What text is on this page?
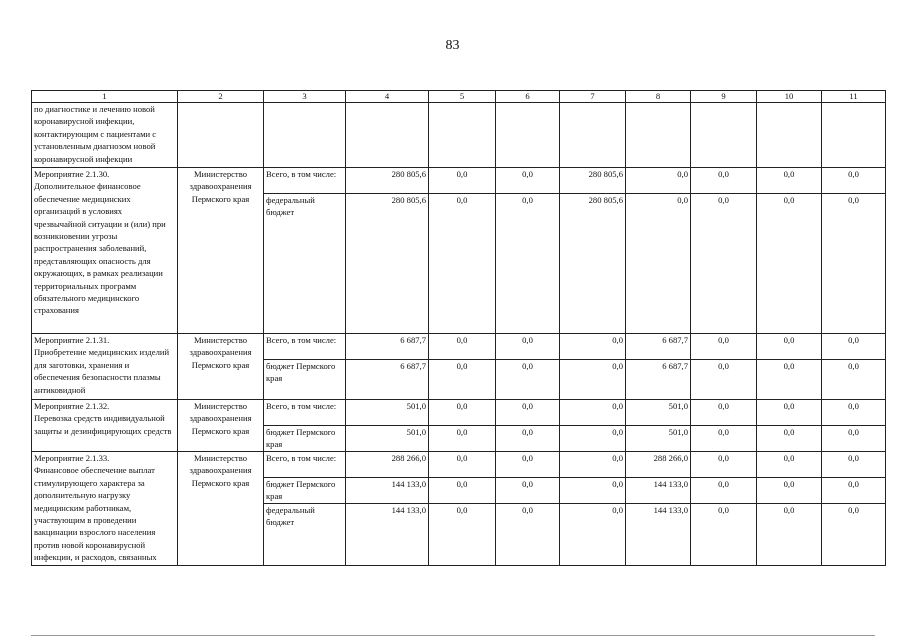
83
1	2	3	4	5	6	7	8	9	10	11
по диагностике и лечению новой коронавирусной инфекции, контактирующим с пациентами с установленным диагнозом новой коронавирусной инфекции										
Мероприятие 2.1.30.
Дополнительное финансовое обеспечение медицинских организаций в условиях чрезвычайной ситуации и (или) при возникновении угрозы распространения заболеваний, представляющих опасность для окружающих, в рамках реализации территориальных программ обязательного медицинского страхования	Министерство здравоохранения Пермского края	Всего, в том числе:	280 805,6	0,0	0,0	280 805,6	0,0	0,0	0,0	0,0
		федеральный бюджет	280 805,6	0,0	0,0	280 805,6	0,0	0,0	0,0	0,0
Мероприятие 2.1.31.
Приобретение медицинских изделий для заготовки, хранения и обеспечения безопасности плазмы антиковидной	Министерство здравоохранения Пермского края	Всего, в том числе:	6 687,7	0,0	0,0	0,0	6 687,7	0,0	0,0	0,0
		бюджет Пермского края	6 687,7	0,0	0,0	0,0	6 687,7	0,0	0,0	0,0
Мероприятие 2.1.32.
Перевозка средств индивидуальной защиты и дезинфицирующих средств	Министерство здравоохранения Пермского края	Всего, в том числе:	501,0	0,0	0,0	0,0	501,0	0,0	0,0	0,0
		бюджет Пермского края	501,0	0,0	0,0	0,0	501,0	0,0	0,0	0,0
Мероприятие 2.1.33.
Финансовое обеспечение выплат стимулирующего характера за дополнительную нагрузку медицинским работникам, участвующим в проведении вакцинации взрослого населения против новой коронавирусной инфекции, и расходов, связанных	Министерство здравоохранения Пермского края	Всего, в том числе:	288 266,0	0,0	0,0	0,0	288 266,0	0,0	0,0	0,0
		бюджет Пермского края	144 133,0	0,0	0,0	0,0	144 133,0	0,0	0,0	0,0
		федеральный бюджет	144 133,0	0,0	0,0	0,0	144 133,0	0,0	0,0	0,0
